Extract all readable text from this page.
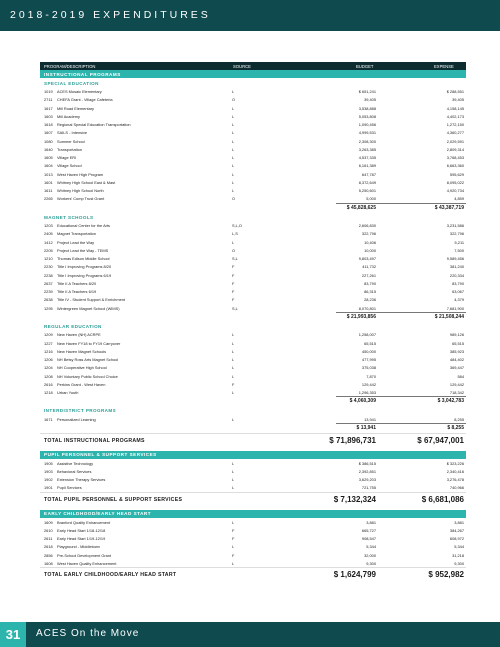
2018-2019 EXPENDITURES
PROGRAM/DESCRIPTION	SOURCE	BUDGET	EXPENSE
INSTRUCTIONAL PROGRAMS
SPECIAL EDUCATION
1019 ACES Mosaic Elementary	L	$ 651,241	$ 288,551
2711 CHEFA Grant - Village Cafeteria	O	39,405	39,405
1617 Mill Road Elementary	L	3,538,888	4,158,145
1603 Mill Academy	L	5,053,808	4,402,173
1618 Regional Special Education Transportation	L	1,090,456	1,272,150
1607 SAILS - Intensive	L	4,999,531	4,360,277
1080 Summer School	L	2,308,300	2,029,591
1640 Transportation	L	3,263,385	2,809,314
1605 Village ERI	L	4,537,335	3,768,453
1604 Village School	L	6,161,389	6,663,360
1013 West Haven High Program	L	647,787	595,629
1601 Whitney High School East & Mast	L	8,372,649	8,095,022
1611 Whitney High School North	L	5,250,601	4,920,734
2265 Workers' Comp Trust Grant	O	5,000	4,859
$ 45,828,625	$ 43,387,719
MAGNET SCHOOLS
1203 Educational Center for the Arts	S,L,O	2,606,830	3,231,586
2405 Magnet Transportation	L,S	322,796	322,796
1412 Project Lead the Way	L	10,406	5,211
2205 Project Lead the Way - TEMS	O	10,000	7,500
1210 Thomas Edison Middle School	S,L	9,803,497	9,589,456
2230 Title I Improving Programs 8/20	F	411,732	381,240
2238 Title I Improving Programs 6/19	F	227,261	220,334
2637 Title II A Teachers 8/20	F	83,790	83,790
2239 Title II A Teachers 6/19	F	86,315	63,067
2638 Title IV - Student Support & Enrichment	F	28,236	4,379
1295 Wintergreen Magnet School (WIMS)	S,L	8,070,801	7,681,900
$ 21,993,856	$ 21,508,244
REGULAR EDUCATION
1209 New Haven (NH) ACRPE	L	1,258,007	989,126
1227 New Haven FY18 to FY19 Carryover	L	65,515	65,515
1216 New Haven Magnet Schools	L	450,000	385,923
1206 NH Betsy Ross Arts Magnet School	L	477,995	484,402
1204 NH Cooperative High School	L	375,038	369,447
1208 NH Voluntary Public School Choice	L	7,870	584
2616 Perkins Grant - West Haven	F	129,442	129,442
1218 Urban Youth	L	1,296,353	718,342
$ 4,060,309	$ 3,042,783
INTERDISTRICT PROGRAMS
1671 Personalized Learning	L	13,941	8,255
$ 13,941	$ 8,255
TOTAL INSTRUCTIONAL PROGRAMS	$ 71,896,731	$ 67,947,001
PUPIL PERSONNEL & SUPPORT SERVICES
1905 Assistive Technology	L	$ 386,515	$ 323,226
1903 Behavioral Services	L	2,392,851	2,340,416
1902 Extension Therapy Services	L	3,629,203	3,276,478
1901 Pupil Services	L	721,755	740,966
TOTAL PUPIL PERSONNEL & SUPPORT SERVICES	$ 7,132,324	$ 6,681,086
EARLY CHILDHOOD/EARLY HEAD START
1609 Branford Quality Enhancement	L	3,881	3,881
2610 Early Head Start 1/18-12/18	F	665,727	384,267
2611 Early Head Start 1/19-12/19	F	908,547	608,972
2618 Playground - Middletown	L	5,344	5,344
2856 Pre-School Development Grant	F	32,000	31,218
1608 West Haven Quality Enhancement	L	9,300	9,300
TOTAL EARLY CHILDHOOD/EARLY HEAD START	$ 1,624,799	$ 952,982
31	ACES On the Move
